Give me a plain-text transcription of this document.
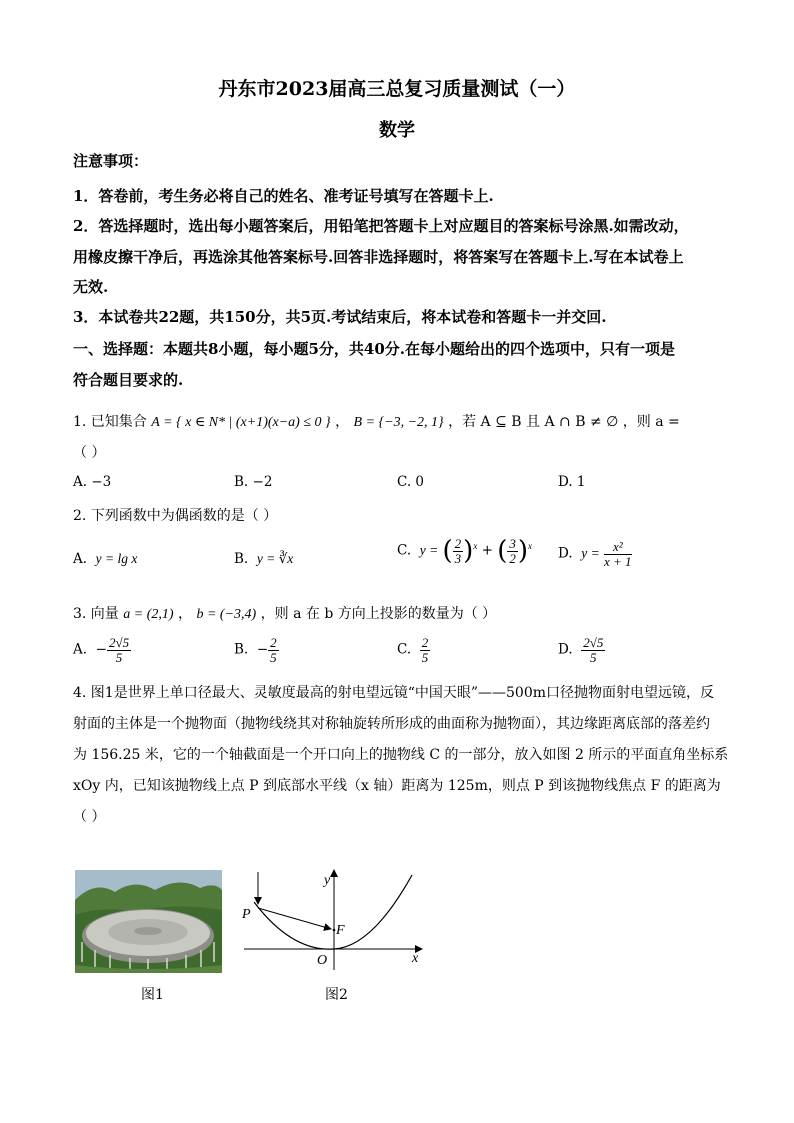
丹东市2023届高三总复习质量测试（一）
数学
注意事项：
1．答卷前，考生务必将自己的姓名、准考证号填写在答题卡上.
2．答选择题时，选出每小题答案后，用铅笔把答题卡上对应题目的答案标号涂黑.如需改动，
用橡皮擦干净后，再选涂其他答案标号.回答非选择题时，将答案写在答题卡上.写在本试卷上
无效.
3．本试卷共22题，共150分，共5页.考试结束后，将本试卷和答题卡一并交回.
一、选择题：本题共8小题，每小题5分，共40分.在每小题给出的四个选项中，只有一项是
符合题目要求的.
1. 已知集合 A = { x ∈ N* | (x+1)(x−a) ≤ 0 } ， B = {−3, −2, 1} ，若 A ⊆ B 且 A ∩ B ≠ ∅ ，则 a =
（ ）
A. −3	B. −2	C. 0	D. 1
2. 下列函数中为偶函数的是（ ）
A. y = lg x	B. y = ∛x	C. y = ( $\frac{2}{3} )^x$ + ( $\frac{3}{2} )^x$ D. $y = \frac{\text{x²}}{x + 1}$
3. 向量 a = (2,1) ， b = (−3,4) ，则 a 在 b 方向上投影的数量为（ ）
A. − $\frac{2√5}{5}$	B. − $\frac{2}{5}$	C. $\frac{2}{5}$	D. $\frac{2√5}{5}$
4. 图1是世界上单口径最大、灵敏度最高的射电望远镜“中国天眼”——500m口径抛物面射电望远镜，反
射面的主体是一个抛物面（抛物线绕其对称轴旋转所形成的曲面称为抛物面），其边缘距离底部的落差约
为 156.25 米，它的一个轴截面是一个开口向上的抛物线 C 的一部分，放入如图 2 所示的平面直角坐标系
xOy 内，已知该抛物线上点 P 到底部水平线（x 轴）距离为 125m，则点 P 到该抛物线焦点 F 的距离为
（ ）
图1
y
x
O
P
F
图2
